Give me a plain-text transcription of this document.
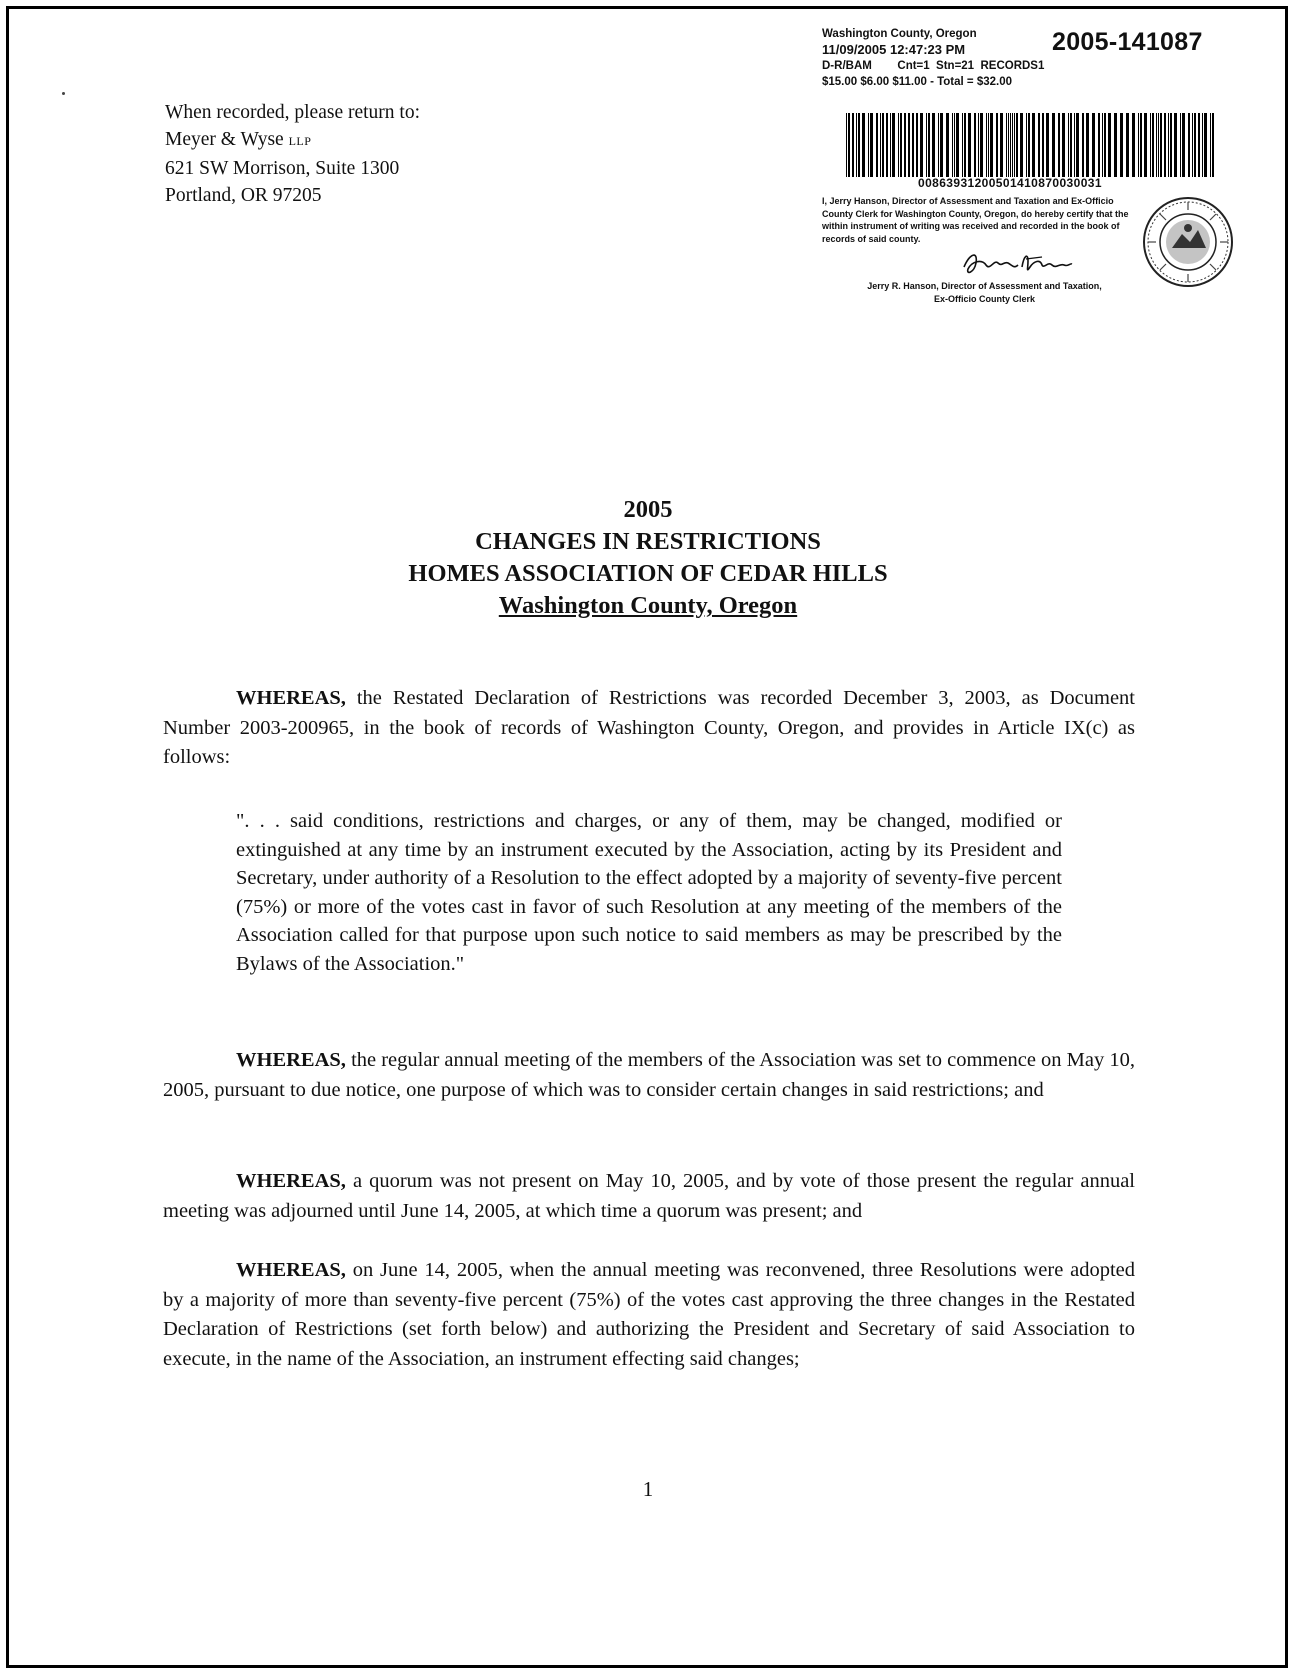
When recorded, please return to:
Meyer & Wyse LLP
621 SW Morrison, Suite 1300
Portland, OR 97205
Washington County, Oregon
11/09/2005 12:47:23 PM
D-R/BAM        Cnt=1  Stn=21  RECORDS1
$15.00 $6.00 $11.00 - Total = $32.00
2005-141087
00863931200501410870030031
I, Jerry Hanson, Director of Assessment and Taxation and Ex-Officio County Clerk for Washington County, Oregon, do hereby certify that the within instrument of writing was received and recorded in the book of records of said county.
Jerry R. Hanson, Director of Assessment and Taxation,
Ex-Officio County Clerk
2005
CHANGES IN RESTRICTIONS
HOMES ASSOCIATION OF CEDAR HILLS
Washington County, Oregon
WHEREAS, the Restated Declaration of Restrictions was recorded December 3, 2003, as Document Number 2003-200965, in the book of records of Washington County, Oregon, and provides in Article IX(c) as follows:
". . . said conditions, restrictions and charges, or any of them, may be changed, modified or extinguished at any time by an instrument executed by the Association, acting by its President and Secretary, under authority of a Resolution to the effect adopted by a majority of seventy-five percent (75%) or more of the votes cast in favor of such Resolution at any meeting of the members of the Association called for that purpose upon such notice to said members as may be prescribed by the Bylaws of the Association."
WHEREAS, the regular annual meeting of the members of the Association was set to commence on May 10, 2005, pursuant to due notice, one purpose of which was to consider certain changes in said restrictions; and
WHEREAS, a quorum was not present on May 10, 2005, and by vote of those present the regular annual meeting was adjourned until June 14, 2005, at which time a quorum was present; and
WHEREAS, on June 14, 2005, when the annual meeting was reconvened, three Resolutions were adopted by a majority of more than seventy-five percent (75%) of the votes cast approving the three changes in the Restated Declaration of Restrictions (set forth below) and authorizing the President and Secretary of said Association to execute, in the name of the Association, an instrument effecting said changes;
1
